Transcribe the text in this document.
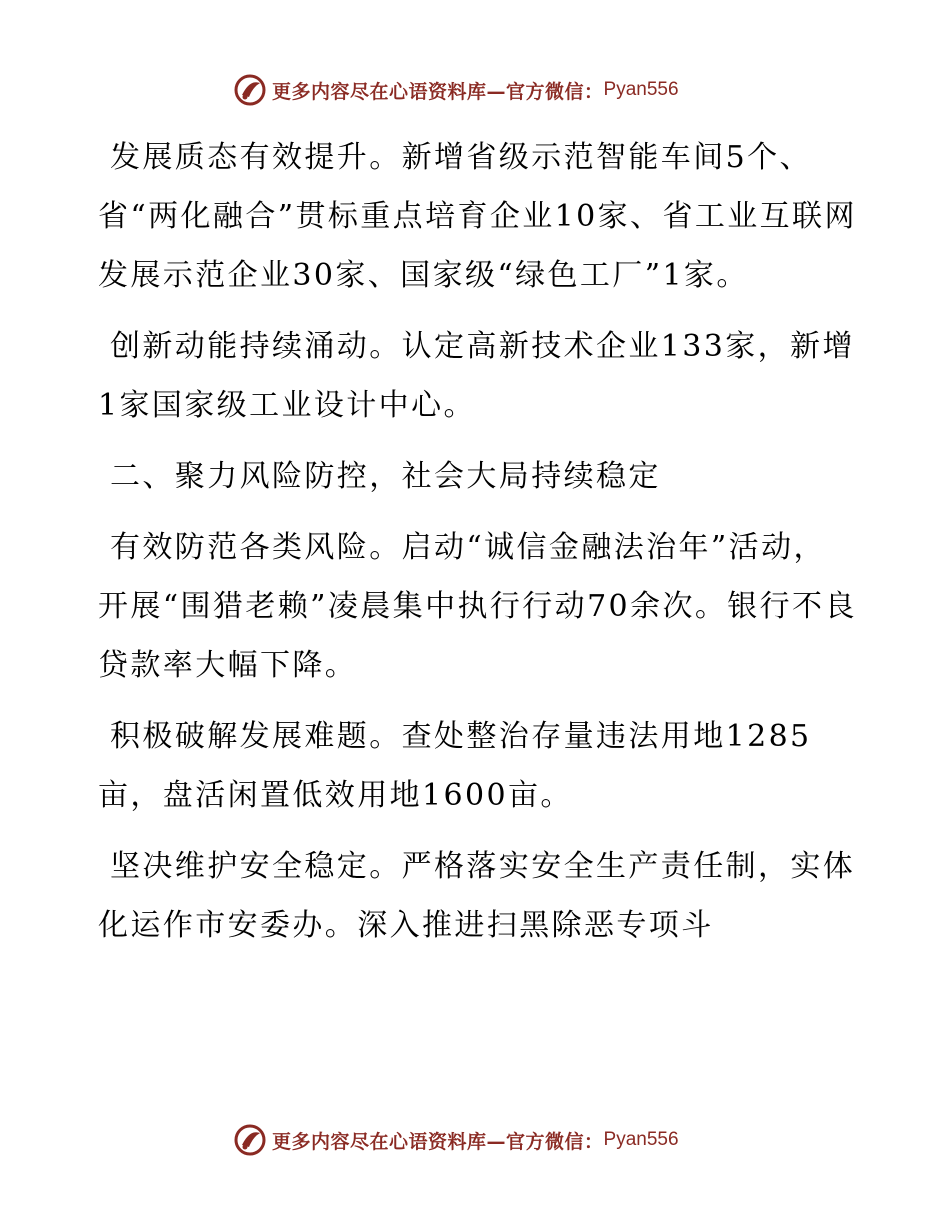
更多内容尽在心语资料库—官方微信： Pyan556

发展质态有效提升。新增省级示范智能车间5个、省“两化融合”贯标重点培育企业10家、省工业互联网发展示范企业30家、国家级“绿色工厂”1家。

创新动能持续涌动。认定高新技术企业133家，新增1家国家级工业设计中心。

二、聚力风险防控，社会大局持续稳定

有效防范各类风险。启动“诚信金融法治年”活动，开展“围猎老赖”凌晨集中执行行动70余次。银行不良贷款率大幅下降。

积极破解发展难题。查处整治存量违法用地1285亩，盘活闲置低效用地1600亩。

坚决维护安全稳定。严格落实安全生产责任制，实体化运作市安委办。深入推进扫黑除恶专项斗

更多内容尽在心语资料库—官方微信： Pyan556
